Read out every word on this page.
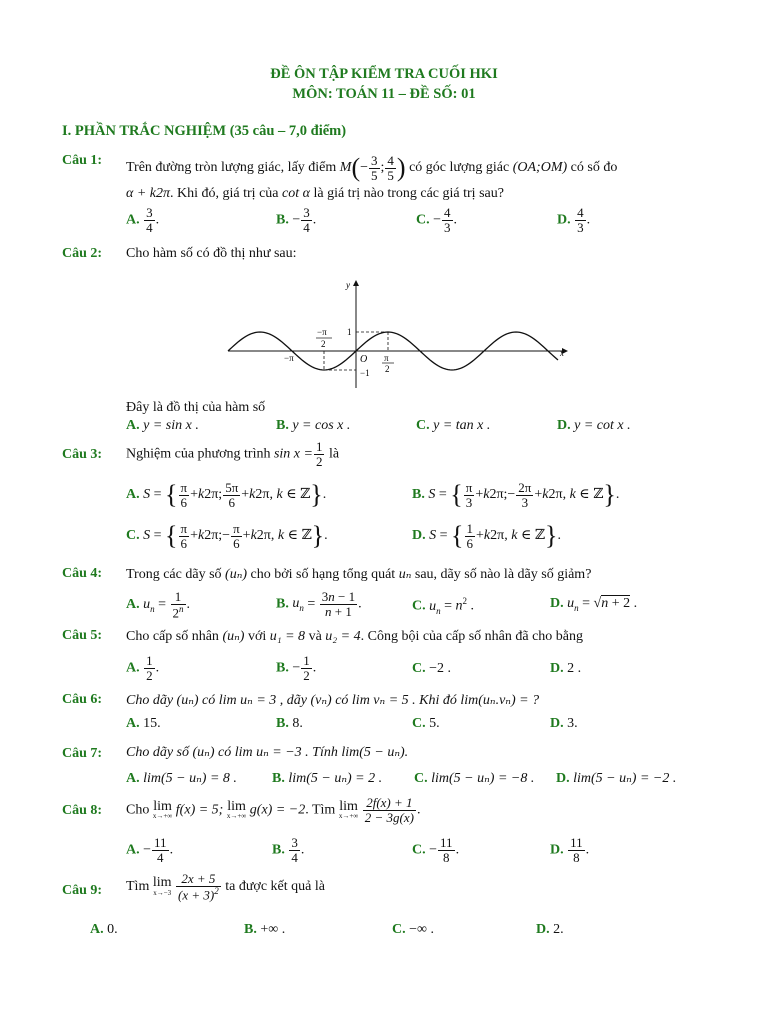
ĐỀ ÔN TẬP KIỂM TRA CUỐI HKI
MÔN: TOÁN 11 – ĐỀ SỐ: 01
I. PHẦN TRẮC NGHIỆM (35 câu – 7,0 điểm)
Câu 1: Trên đường tròn lượng giác, lấy điểm $M(- \frac{3}{5}$ ; $\frac{4}{5}$ ) có góc lượng giác (OA;OM) có số đo
α + k2π. Khi đó, giá trị của cot α là giá trị nào trong các giá trị sau?
A. $\frac{3}{4}$ .	B. − $\frac{3}{4}$ .	C. − $\frac{4}{3}$ .	D. $\frac{4}{3}$ .
Câu 2: Cho hàm số có đồ thị như sau:
y
x
O
1
−1
−π
−π
2
π
2
Đây là đồ thị của hàm số
A. y = sin x .	B. y = cos x .	C. y = tan x .	D. y = cot x .
Câu 3: Nghiệm của phương trình $\sin x = \frac{1}{2}$ là
A. S = { $\frac{\pi}{6} +k2\pi$; $\frac{5\pi}{6} +k2\pi$, k ∈ ℤ}.	B. S = { $\frac{\pi}{3}$ +k2π;− $\frac{2\pi}{3} +k2\pi$, k ∈ ℤ}.
C. S = { $\frac{\pi}{6}$ +k2π;− $\frac{\pi}{6} +k2\pi$, k ∈ ℤ}.	D. S = { $\frac{1}{6} +k2\pi$, k ∈ ℤ}.
Câu 4: Trong các dãy số (uₙ) cho bởi số hạng tổng quát uₙ sau, dãy số nào là dãy số giảm?
A. $u_n = \frac{1}{2^n}$ .	B. $u_n = \frac{3n - 1}{n + 1}$ .	C. $u_n = n^2$ .	D. $u_n = √n + 2$ .
Câu 5: Cho cấp số nhân (uₙ) với u₁ = 8 và u₂ = 4. Công bội của cấp số nhân đã cho bằng
A. $\frac{1}{2}$ .	B. − $\frac{1}{2}$ .	C. −2 .	D. 2 .
Câu 6: Cho dãy (uₙ) có lim uₙ = 3 , dãy (vₙ) có lim vₙ = 5 . Khi đó lim(uₙ.vₙ) = ?
A. 15.	B. 8.	C. 5.	D. 3.
Câu 7: Cho dãy số (uₙ) có lim uₙ = −3 . Tính lim(5 − uₙ).
A. lim(5 − uₙ) = 8 .	B. lim(5 − uₙ) = 2 . C. lim(5 − uₙ) = −8 . D. lim(5 − uₙ) = −2 .
Câu 8: Cho lim
x→+∞ f(x) = 5; lim
x→+∞ g(x) = −2. Tìm lim
x→+∞
$\frac{2f(x) + 1}{2 - 3g(x)}$ .
A. − $\frac{11}{4}$ .	B. $\frac{3}{4}$ .	C. − $\frac{11}{8}$ .	D. $\frac{11}{8}$ .
Câu 9: Tìm lim
x→−3
$\frac{2x + 5}{(x + 3)^2}$ ta được kết quả là
A. 0.	B. +∞ .	C. −∞ .	D. 2.
